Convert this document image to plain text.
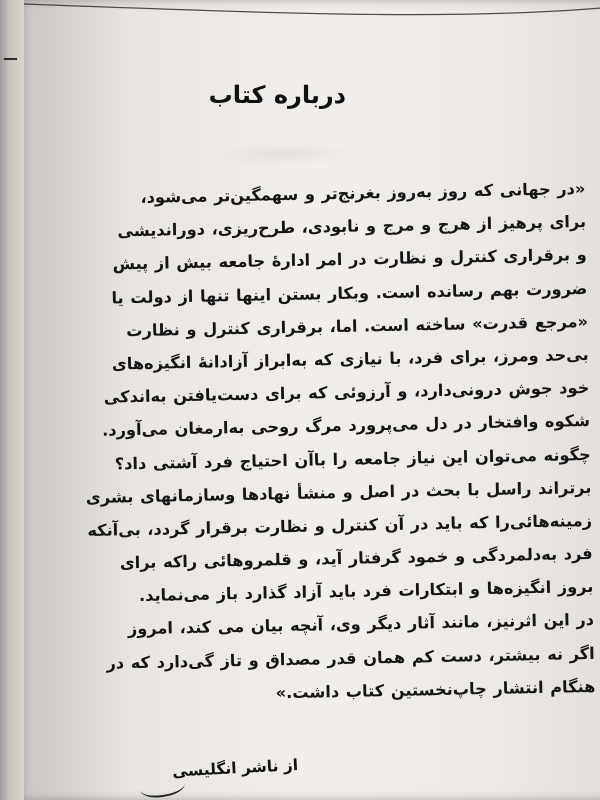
درباره کتاب
«در جهانی که روز به‌روز بغرنج‌تر و سهمگین‌تر می‌شود،
برای پرهیز از هرج و مرج و نابودی، طرح‌ریزی، دوراندیشی
و برقراری کنترل و نظارت در امر ادارهٔ جامعه بیش از پیش
ضرورت بهم رسانده است. وبکار بستن اینها تنها از دولت یا
«مرجع قدرت» ساخته است. اما، برقراری کنترل و نظارت
بی‌حد ومرز، برای فرد، با نیازی که به‌ابراز آزادانهٔ انگیزه‌های
خود جوش درونی‌دارد، و آرزوئی که برای دست‌یافتن به‌اندکی
شکوه وافتخار در دل می‌پرورد مرگ روحی به‌ارمغان می‌آورد.
چگونه می‌توان این نیاز جامعه را باآن احتیاج فرد آشتی داد؟
برتراند راسل با بحث در اصل و منشأ نهادها وسازمانهای بشری
زمینه‌هائی‌را که باید در آن کنترل و نظارت برقرار گردد، بی‌آنکه
فرد به‌دلمردگی و خمود گرفتار آید، و قلمروهائی راکه برای
بروز انگیزه‌ها و ابتکارات فرد باید آزاد گذارد باز می‌نماید.
در این اثرنیز، مانند آثار دیگر وی، آنچه بیان می کند، امروز
اگر نه بیشتر، دست کم همان قدر مصداق و تاز گی‌دارد که در
هنگام انتشار چاپ‌نخستین کتاب داشت.»
از ناشر انگلیسی
